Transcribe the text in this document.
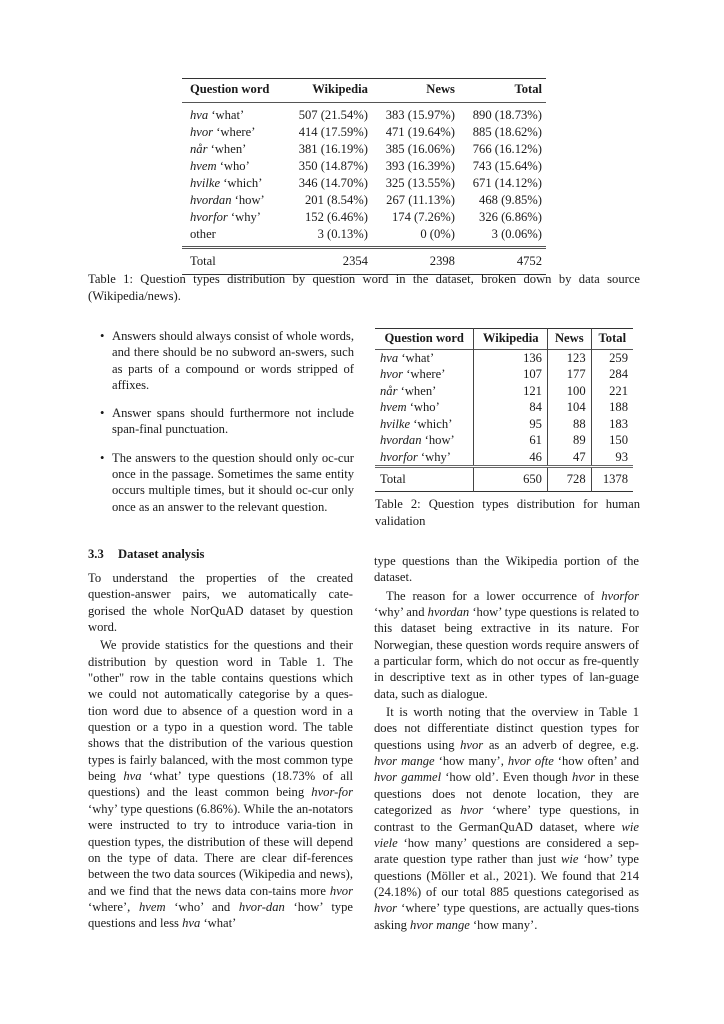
Question word	Wikipedia	News	Total
hva ‘what’	507 (21.54%)	383 (15.97%)	890 (18.73%)
hvor ‘where’	414 (17.59%)	471 (19.64%)	885 (18.62%)
når ‘when’	381 (16.19%)	385 (16.06%)	766 (16.12%)
hvem ‘who’	350 (14.87%)	393 (16.39%)	743 (15.64%)
hvilke ‘which’	346 (14.70%)	325 (13.55%)	671 (14.12%)
hvordan ‘how’	201 (8.54%)	267 (11.13%)	468 (9.85%)
hvorfor ‘why’	152 (6.46%)	174 (7.26%)	326 (6.86%)
other	3 (0.13%)	0 (0%)	3 (0.06%)
Total	2354	2398	4752
Table 1: Question types distribution by question word in the dataset, broken down by data source (Wikipedia/news).
• Answers should always consist of whole words, and there should be no subword an-swers, such as parts of a compound or words stripped of affixes.
• Answer spans should furthermore not include span-final punctuation.
• The answers to the question should only oc-cur once in the passage. Sometimes the same entity occurs multiple times, but it should oc-cur only once as an answer to the relevant question.
Question word	Wikipedia	News	Total
hva ‘what’	136	123	259
hvor ‘where’	107	177	284
når ‘when’	121	100	221
hvem ‘who’	84	104	188
hvilke ‘which’	95	88	183
hvordan ‘how’	61	89	150
hvorfor ‘why’	46	47	93
Total	650	728	1378
Table 2: Question types distribution for human validation
3.3 Dataset analysis

To understand the properties of the created question-answer pairs, we automatically cate-gorised the whole NorQuAD dataset by question word.

We provide statistics for the questions and their distribution by question word in Table 1. The "other" row in the table contains questions which we could not automatically categorise by a ques-tion word due to absence of a question word in a question or a typo in a question word. The table shows that the distribution of the various question types is fairly balanced, with the most common type being hva ‘what’ type questions (18.73% of all questions) and the least common being hvor-for ‘why’ type questions (6.86%). While the an-notators were instructed to try to introduce varia-tion in question types, the distribution of these will depend on the type of data. There are clear dif-ferences between the two data sources (Wikipedia and news), and we find that the news data con-tains more hvor ‘where’, hvem ‘who’ and hvor-dan ‘how’ type questions and less hva ‘what’

type questions than the Wikipedia portion of the dataset.

The reason for a lower occurrence of hvorfor ‘why’ and hvordan ‘how’ type questions is related to this dataset being extractive in its nature. For Norwegian, these question words require answers of a particular form, which do not occur as fre-quently in descriptive text as in other types of lan-guage data, such as dialogue.

It is worth noting that the overview in Table 1 does not differentiate distinct question types for questions using hvor as an adverb of degree, e.g. hvor mange ‘how many’, hvor ofte ‘how often’ and hvor gammel ‘how old’. Even though hvor in these questions does not denote location, they are categorized as hvor ‘where’ type questions, in contrast to the GermanQuAD dataset, where wie viele ‘how many’ questions are considered a sep-arate question type rather than just wie ‘how’ type questions (Möller et al., 2021). We found that 214 (24.18%) of our total 885 questions categorised as hvor ‘where’ type questions, are actually ques-tions asking hvor mange ‘how many’.
